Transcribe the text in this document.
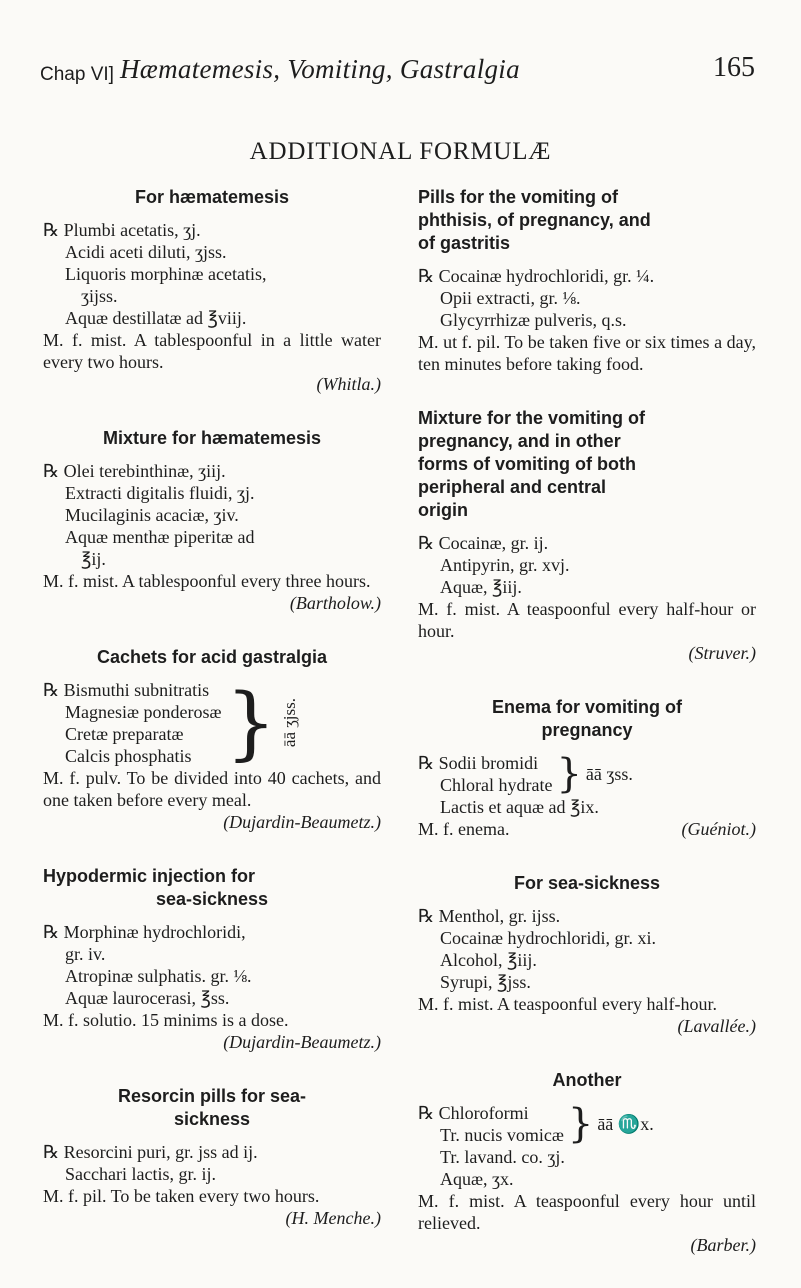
Chap VI] Hæmatemesis, Vomiting, Gastralgia	165
ADDITIONAL FORMULÆ
For hæmatemesis
℞ Plumbi acetatis, ʒj.
Acidi aceti diluti, ʒjss.
Liquoris morphinæ acetatis,
ʒijss.
Aquæ destillatæ ad ℥viij.
M. f. mist. A tablespoonful in a little water every two hours.
(Whitla.)
Mixture for hæmatemesis
℞ Olei terebinthinæ, ʒiij.
Extracti digitalis fluidi, ʒj.
Mucilaginis acaciæ, ʒiv.
Aquæ menthæ piperitæ ad
℥ij.
M. f. mist. A tablespoonful every three hours.
(Bartholow.)
Cachets for acid gastralgia
℞ Bismuthi subnitratis
Magnesiæ ponderosæ
Cretæ preparatæ
Calcis phosphatis } āā ʒjss.
M. f. pulv. To be divided into 40 cachets, and one taken before every meal.
(Dujardin-Beaumetz.)
Hypodermic injection for
sea-sickness
℞ Morphinæ hydrochloridi,
gr. iv.
Atropinæ sulphatis. gr. ⅛.
Aquæ laurocerasi, ℥ss.
M. f. solutio. 15 minims is a dose.
(Dujardin-Beaumetz.)
Resorcin pills for sea-
sickness
℞ Resorcini puri, gr. jss ad ij.
Sacchari lactis, gr. ij.
M. f. pil. To be taken every two hours.
(H. Menche.)
Pills for the vomiting of
phthisis, of pregnancy, and
of gastritis
℞ Cocainæ hydrochloridi, gr. ¼.
Opii extracti, gr. ⅛.
Glycyrrhizæ pulveris, q.s.
M. ut f. pil. To be taken five or six times a day, ten minutes before taking food.
Mixture for the vomiting of
pregnancy, and in other
forms of vomiting of both
peripheral and central
origin
℞ Cocainæ, gr. ij.
Antipyrin, gr. xvj.
Aquæ, ℥iij.
M. f. mist. A teaspoonful every half-hour or hour.
(Struver.)
Enema for vomiting of
pregnancy
℞ Sodii bromidi
Chloral hydrate } āā ʒss.
Lactis et aquæ ad ℥ix.
M. f. enema.	(Guéniot.)
For sea-sickness
℞ Menthol, gr. ijss.
Cocainæ hydrochloridi, gr. xi.
Alcohol, ℥iij.
Syrupi, ℥jss.
M. f. mist. A teaspoonful every half-hour.
(Lavallée.)
Another
℞ Chloroformi
Tr. nucis vomicæ } āā ♏x.
Tr. lavand. co. ʒj.
Aquæ, ʒx.
M. f. mist. A teaspoonful every hour until relieved.
(Barber.)
